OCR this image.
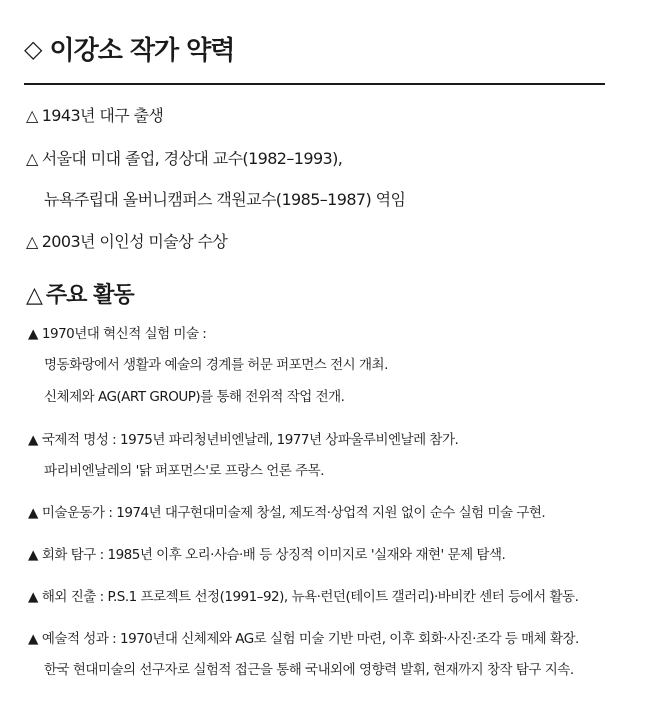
◇ 이강소 작가 약력
△ 1943년 대구 출생
△ 서울대 미대 졸업, 경상대 교수(1982–1993),
뉴욕주립대 올버니캠퍼스 객원교수(1985–1987) 역임
△ 2003년 이인성 미술상 수상
△ 주요 활동
▲ 1970년대 혁신적 실험 미술 :
명동화랑에서 생활과 예술의 경계를 허문 퍼포먼스 전시 개최.
신체제와 AG(ART GROUP)를 통해 전위적 작업 전개.
▲ 국제적 명성 : 1975년 파리청년비엔날레, 1977년 상파울루비엔날레 참가.
파리비엔날레의 '닭 퍼포먼스'로 프랑스 언론 주목.
▲ 미술운동가 : 1974년 대구현대미술제 창설, 제도적·상업적 지원 없이 순수 실험 미술 구현.
▲ 회화 탐구 : 1985년 이후 오리·사슴·배 등 상징적 이미지로 '실재와 재현' 문제 탐색.
▲ 해외 진출 : P.S.1 프로젝트 선정(1991–92), 뉴욕·런던(테이트 갤러리)·바비칸 센터 등에서 활동.
▲ 예술적 성과 : 1970년대 신체제와 AG로 실험 미술 기반 마련, 이후 회화·사진·조각 등 매체 확장.
한국 현대미술의 선구자로 실험적 접근을 통해 국내외에 영향력 발휘, 현재까지 창작 탐구 지속.
